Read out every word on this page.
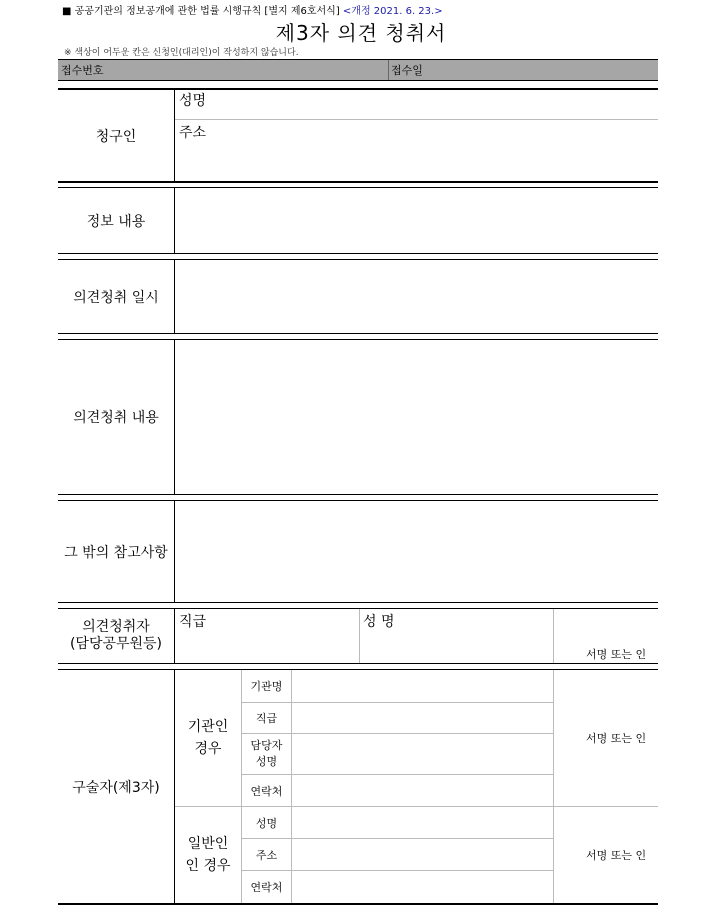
■ 공공기관의 정보공개에 관한 법률 시행규칙 [별지 제6호서식] <개정 2021. 6. 23.>
제3자 의견 청취서
※ 색상이 어두운 칸은 신청인(대리인)이 작성하지 않습니다.
접수번호	접수일
청구인
성명
주소
정보 내용
의견청취 일시
의견청취 내용
그 밖의 참고사항
의견청취자
(담당공무원등)
직급	성 명
서명 또는 인
구술자(제3자)
기관인
경우
기관명
직급
담당자
성명
연락처
서명 또는 인
일반인
인 경우
성명
주소
연락처
서명 또는 인
